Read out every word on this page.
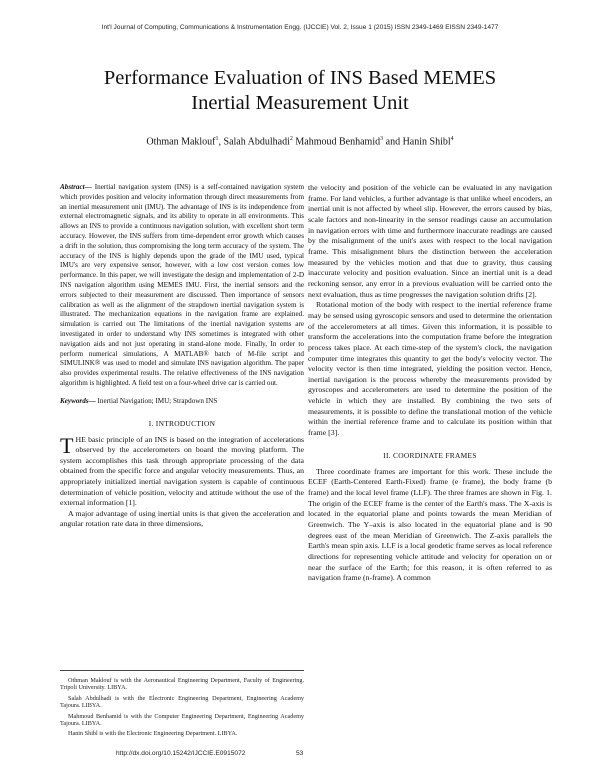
Int'l Journal of Computing, Communications & Instrumentation Engg. (IJCCIE) Vol. 2, Issue 1 (2015) ISSN 2349-1469 EISSN 2349-1477
Performance Evaluation of INS Based MEMES
Inertial Measurement Unit
Othman Maklouf$^1$, Salah Abdulhadi$^2$ Mahmoud Benhamid$^3$ and Hanin Shibl$^4$

Abstract— Inertial navigation system (INS) is a self-contained navigation system which provides position and velocity information through direct measurements from an inertial measurement unit (IMU). The advantage of INS is its independence from external electromagnetic signals, and its ability to operate in all environments. This allows an INS to provide a continuous navigation solution, with excellent short term accuracy. However, the INS suffers from time-dependent error growth which causes a drift in the solution, thus compromising the long term accuracy of the system. The accuracy of the INS is highly depends upon the grade of the IMU used, typical IMU's are very expensive sensor, however, with a low cost version comes low performance. In this paper, we will investigate the design and implementation of 2-D INS navigation algorithm using MEMES IMU. First, the inertial sensors and the errors subjected to their measurement are discussed. Then importance of sensors calibration as well as the alignment of the strapdown inertial navigation system is illustrated. The mechanization equations in the navigation frame are explained. simulation is carried out The limitations of the inertial navigation systems are investigated in order to understand why INS sometimes is integrated with other navigation aids and not just operating in stand-alone mode. Finally, In order to perform numerical simulations, A MATLAB® batch of M-file script and SIMULINK® was used to model and simulate INS navigation algorithm. The paper also provides experimental results. The relative effectiveness of the INS navigation algorithm is highlighted. A field test on a four-wheel drive car is carried out.

Keywords— Inertial Navigation; IMU; Strapdown INS

I. INTRODUCTION

THE basic principle of an INS is based on the integration of accelerations observed by the accelerometers on board the moving platform. The system accomplishes this task through appropriate processing of the data obtained from the specific force and angular velocity measurements. Thus, an appropriately initialized inertial navigation system is capable of continuous determination of vehicle position, velocity and attitude without the use of the external information [1].

A major advantage of using inertial units is that given the acceleration and angular rotation rate data in three dimensions,

Othman Maklouf is with the Aeronautical Engineering Department, Faculty of Engineering. Tripoli University. LIBYA.

Salah Abdulhadi is with the Electronic Engineering Department, Engineering Academy Tajoura. LIBYA.

Mahmoud Benhamid is with the Computer Engineering Department, Engineering Academy Tajoura. LIBYA.

Hanin Shibl is with the Electronic Engineering Department. LIBYA.

the velocity and position of the vehicle can be evaluated in any navigation frame. For land vehicles, a further advantage is that unlike wheel encoders, an inertial unit is not affected by wheel slip. However, the errors caused by bias, scale factors and non-linearity in the sensor readings cause an accumulation in navigation errors with time and furthermore inaccurate readings are caused by the misalignment of the unit's axes with respect to the local navigation frame. This misalignment blurs the distinction between the acceleration measured by the vehicles motion and that due to gravity, thus causing inaccurate velocity and position evaluation. Since an inertial unit is a dead reckoning sensor, any error in a previous evaluation will be carried onto the next evaluation, thus as time progresses the navigation solution drifts [2].

Rotational motion of the body with respect to the inertial reference frame may be sensed using gyroscopic sensors and used to determine the orientation of the accelerometers at all times. Given this information, it is possible to transform the accelerations into the computation frame before the integration process takes place. At each time-step of the system's clock, the navigation computer time integrates this quantity to get the body's velocity vector. The velocity vector is then time integrated, yielding the position vector. Hence, inertial navigation is the process whereby the measurements provided by gyroscopes and accelerometers are used to determine the position of the vehicle in which they are installed. By combining the two sets of measurements, it is possible to define the translational motion of the vehicle within the inertial reference frame and to calculate its position within that frame [3].

II. COORDINATE FRAMES

Three coordinate frames are important for this work. These include the ECEF (Earth-Centered Earth-Fixed) frame (e frame), the body frame (b frame) and the local level frame (LLF). The three frames are shown in Fig. 1. The origin of the ECEF frame is the center of the Earth's mass. The X-axis is located in the equatorial plane and points towards the mean Meridian of Greenwich. The Y–axis is also located in the equatorial plane and is 90 degrees east of the mean Meridian of Greenwich. The Z-axis parallels the Earth's mean spin axis. LLF is a local geodetic frame serves as local reference directions for representing vehicle attitude and velocity for operation on or near the surface of the Earth; for this reason, it is often referred to as navigation frame (n-frame). A common

http://dx.doi.org/10.15242/IJCCIE.E0915072	53
